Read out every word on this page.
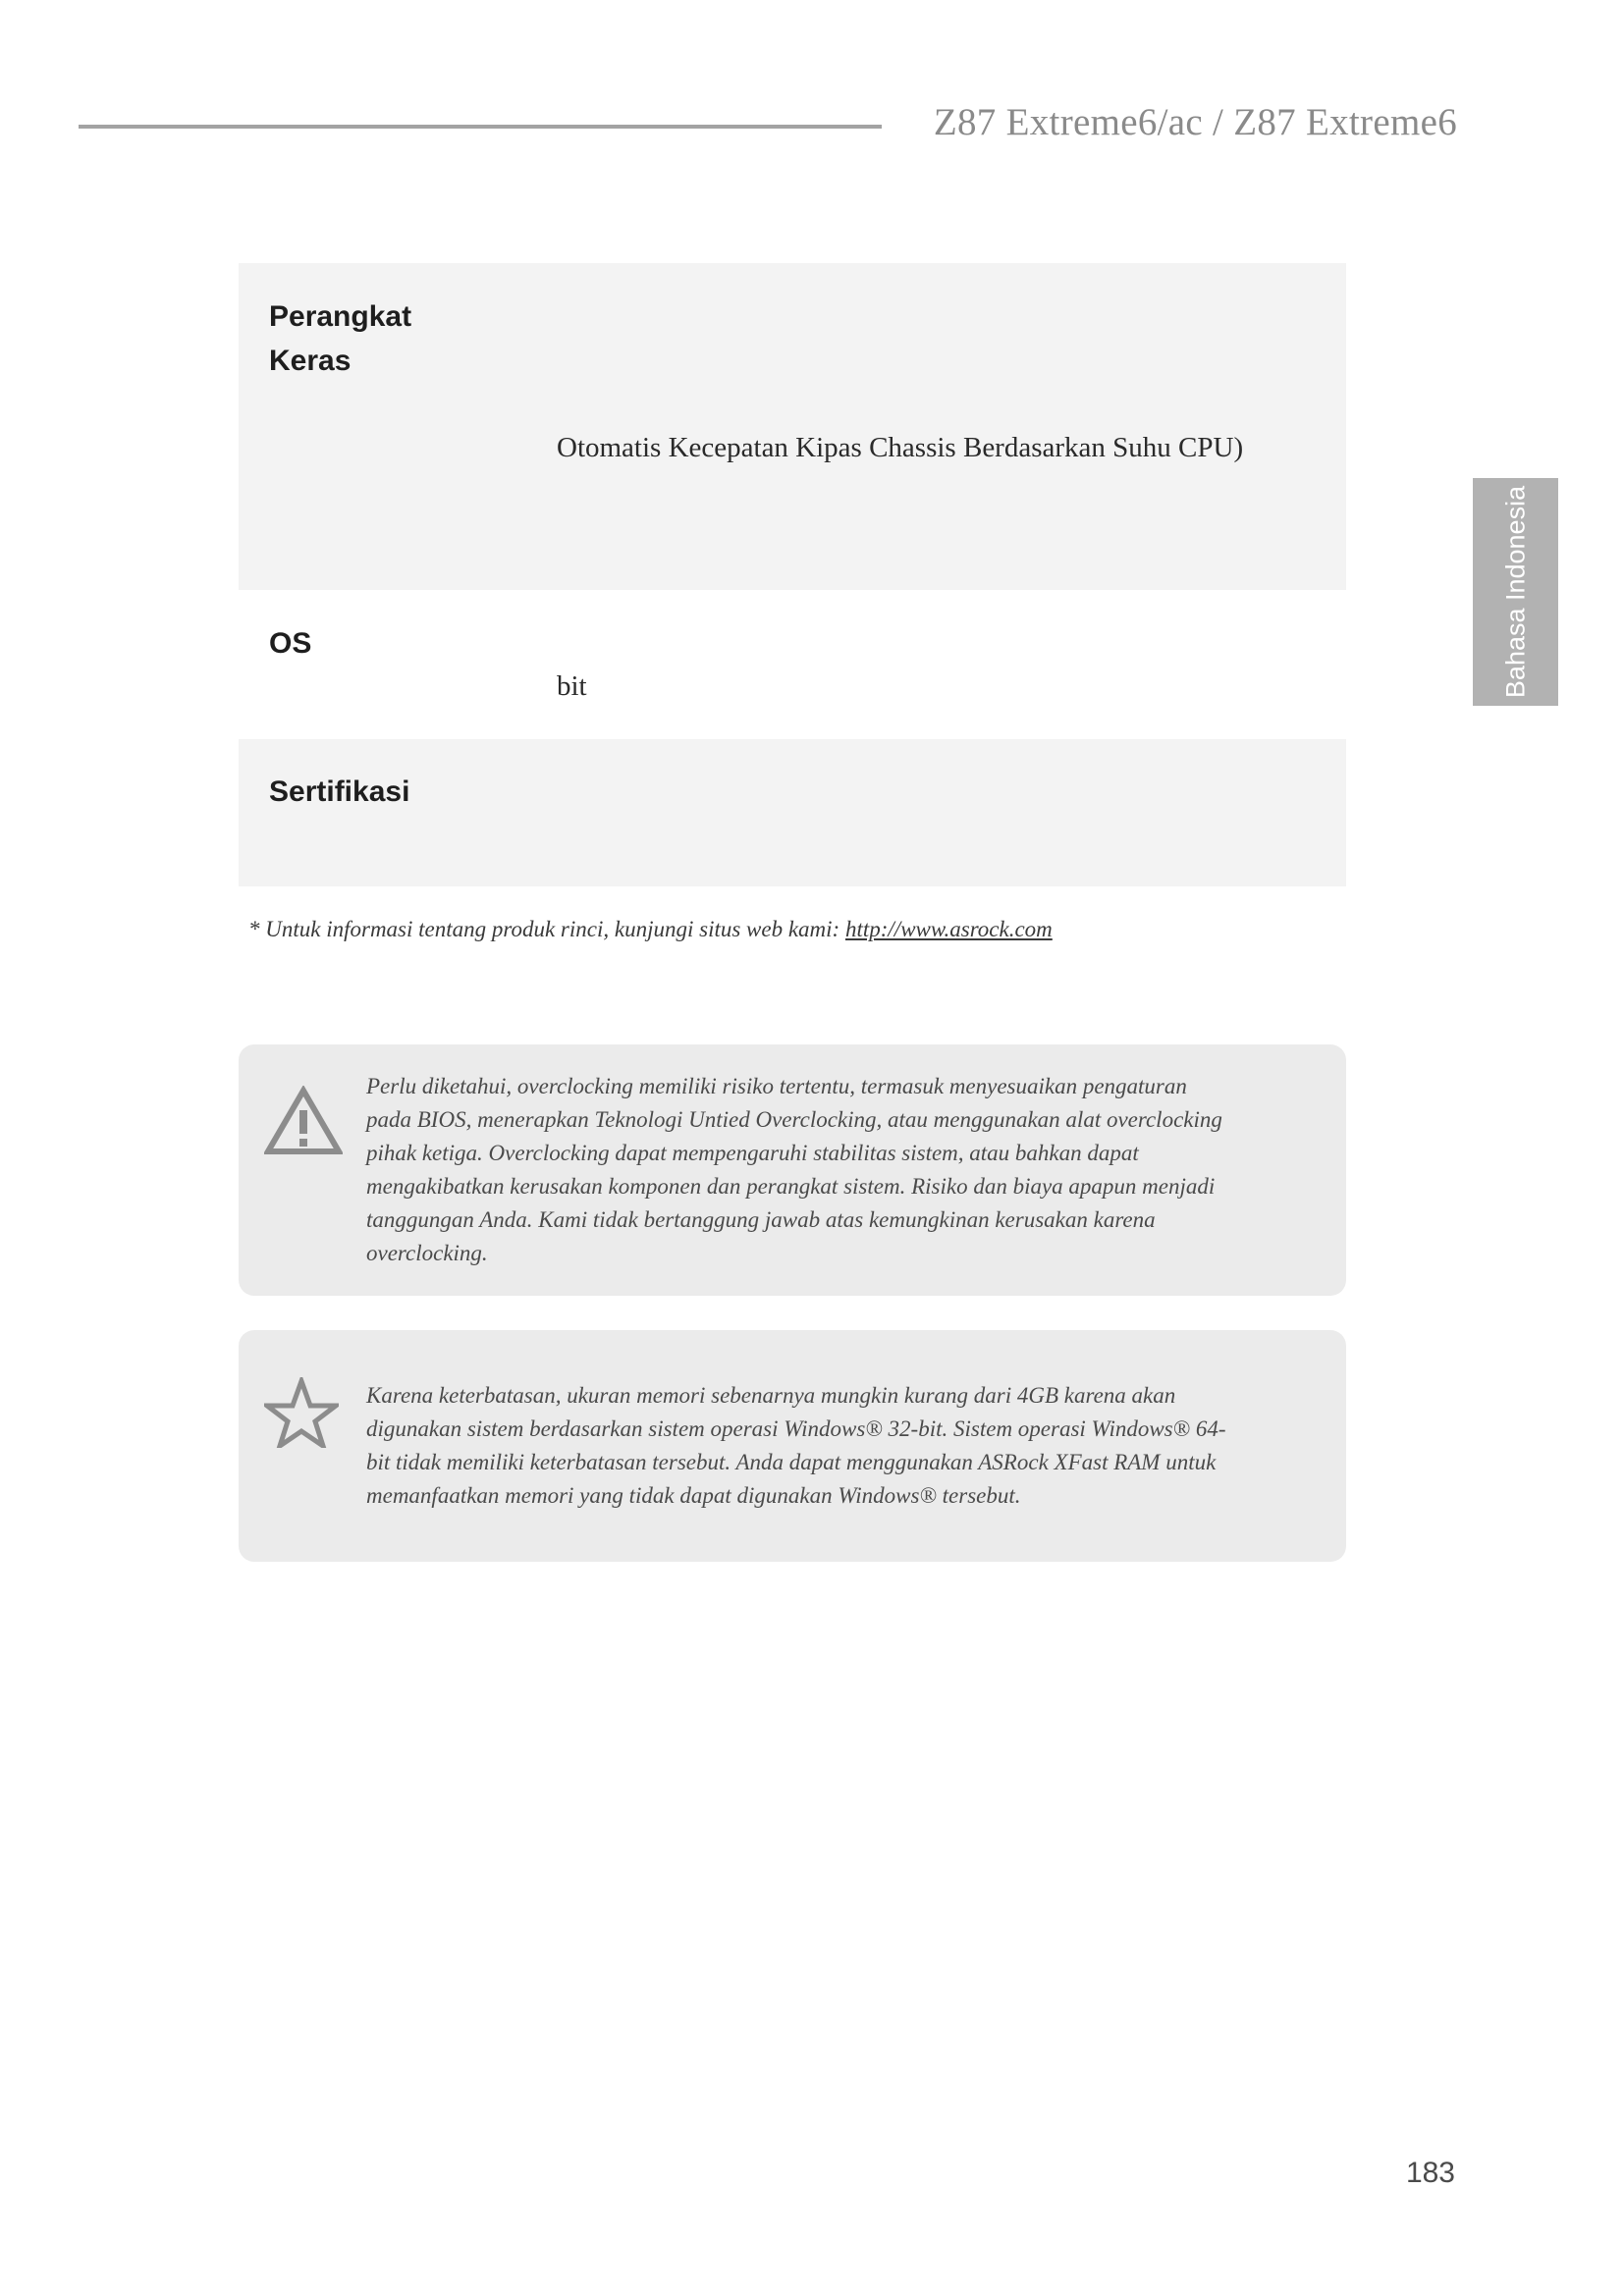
Z87 Extreme6/ac / Z87 Extreme6
Bahasa Indonesia
Perangkat
Keras
Otomatis Kecepatan Kipas Chassis Berdasarkan Suhu CPU)
OS
bit
Sertifikasi
* Untuk informasi tentang produk rinci, kunjungi situs web kami: http://www.asrock.com
Perlu diketahui, overclocking memiliki risiko tertentu, termasuk menyesuaikan pengaturan
pada BIOS, menerapkan Teknologi Untied Overclocking, atau menggunakan alat overclocking
pihak ketiga. Overclocking dapat mempengaruhi stabilitas sistem, atau bahkan dapat
mengakibatkan kerusakan komponen dan perangkat sistem. Risiko dan biaya apapun menjadi
tanggungan Anda. Kami tidak bertanggung jawab atas kemungkinan kerusakan karena
overclocking.
Karena keterbatasan, ukuran memori sebenarnya mungkin kurang dari 4GB karena akan
digunakan sistem berdasarkan sistem operasi Windows® 32-bit. Sistem operasi Windows® 64-
bit tidak memiliki keterbatasan tersebut. Anda dapat menggunakan ASRock XFast RAM untuk
memanfaatkan memori yang tidak dapat digunakan Windows® tersebut.
183
